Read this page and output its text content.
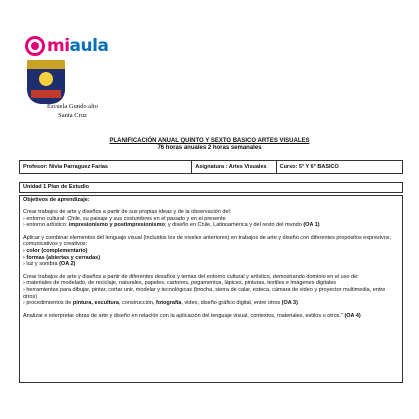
miaula
Escuela Gundo alto
Santa Cruz
PLANIFICACIÓN ANUAL QUINTO Y SEXTO BASICO ARTES VISUALES
76 horas anuales 2 horas semanales
Profesor: Nivia Parraguez Farías	Asignatura : Artes Visuales	Curso: 5° Y 6° BASICO
Unidad 1 Plan de Estudio
Objetivos de aprendizaje:
Crear trabajos de arte y diseños a partir de sus propias ideas y de la observación del:
› entorno cultural: Chile, su paisaje y sus costumbres en el pasado y en el presente
› entorno artístico: impresionismo y postimpresionismo; y diseño en Chile, Latinoamérica y del resto del mundo (OA 1)
Aplicar y combinar elementos del lenguaje visual (incluidos los de niveles anteriores) en trabajos de arte y diseño con diferentes propósitos expresivos, comunicativos y creativos:
› color (complementario)
› formas (abiertas y cerradas)
› luz y sombra (OA 2)
Crear trabajos de arte y diseños a partir de diferentes desafíos y temas del entorno cultural y artístico, demostrando dominio en el uso de:
› materiales de modelado, de reciclaje, naturales, papeles, cartones, pegamentos, lápices, pinturas, textiles e imágenes digitales
› herramientas para dibujar, pintar, cortar unir, modelar y tecnológicas (brocha, sierra de calar, esteca, cámara de video y proyector multimedia, entre otros)
› procedimientos de pintura, escultura, construcción, fotografía, video, diseño gráfico digital, entre otros (OA 3)
Analizar e interpretar obras de arte y diseño en relación con la aplicación del lenguaje visual, contextos, materiales, estilos u otros." (OA 4)
